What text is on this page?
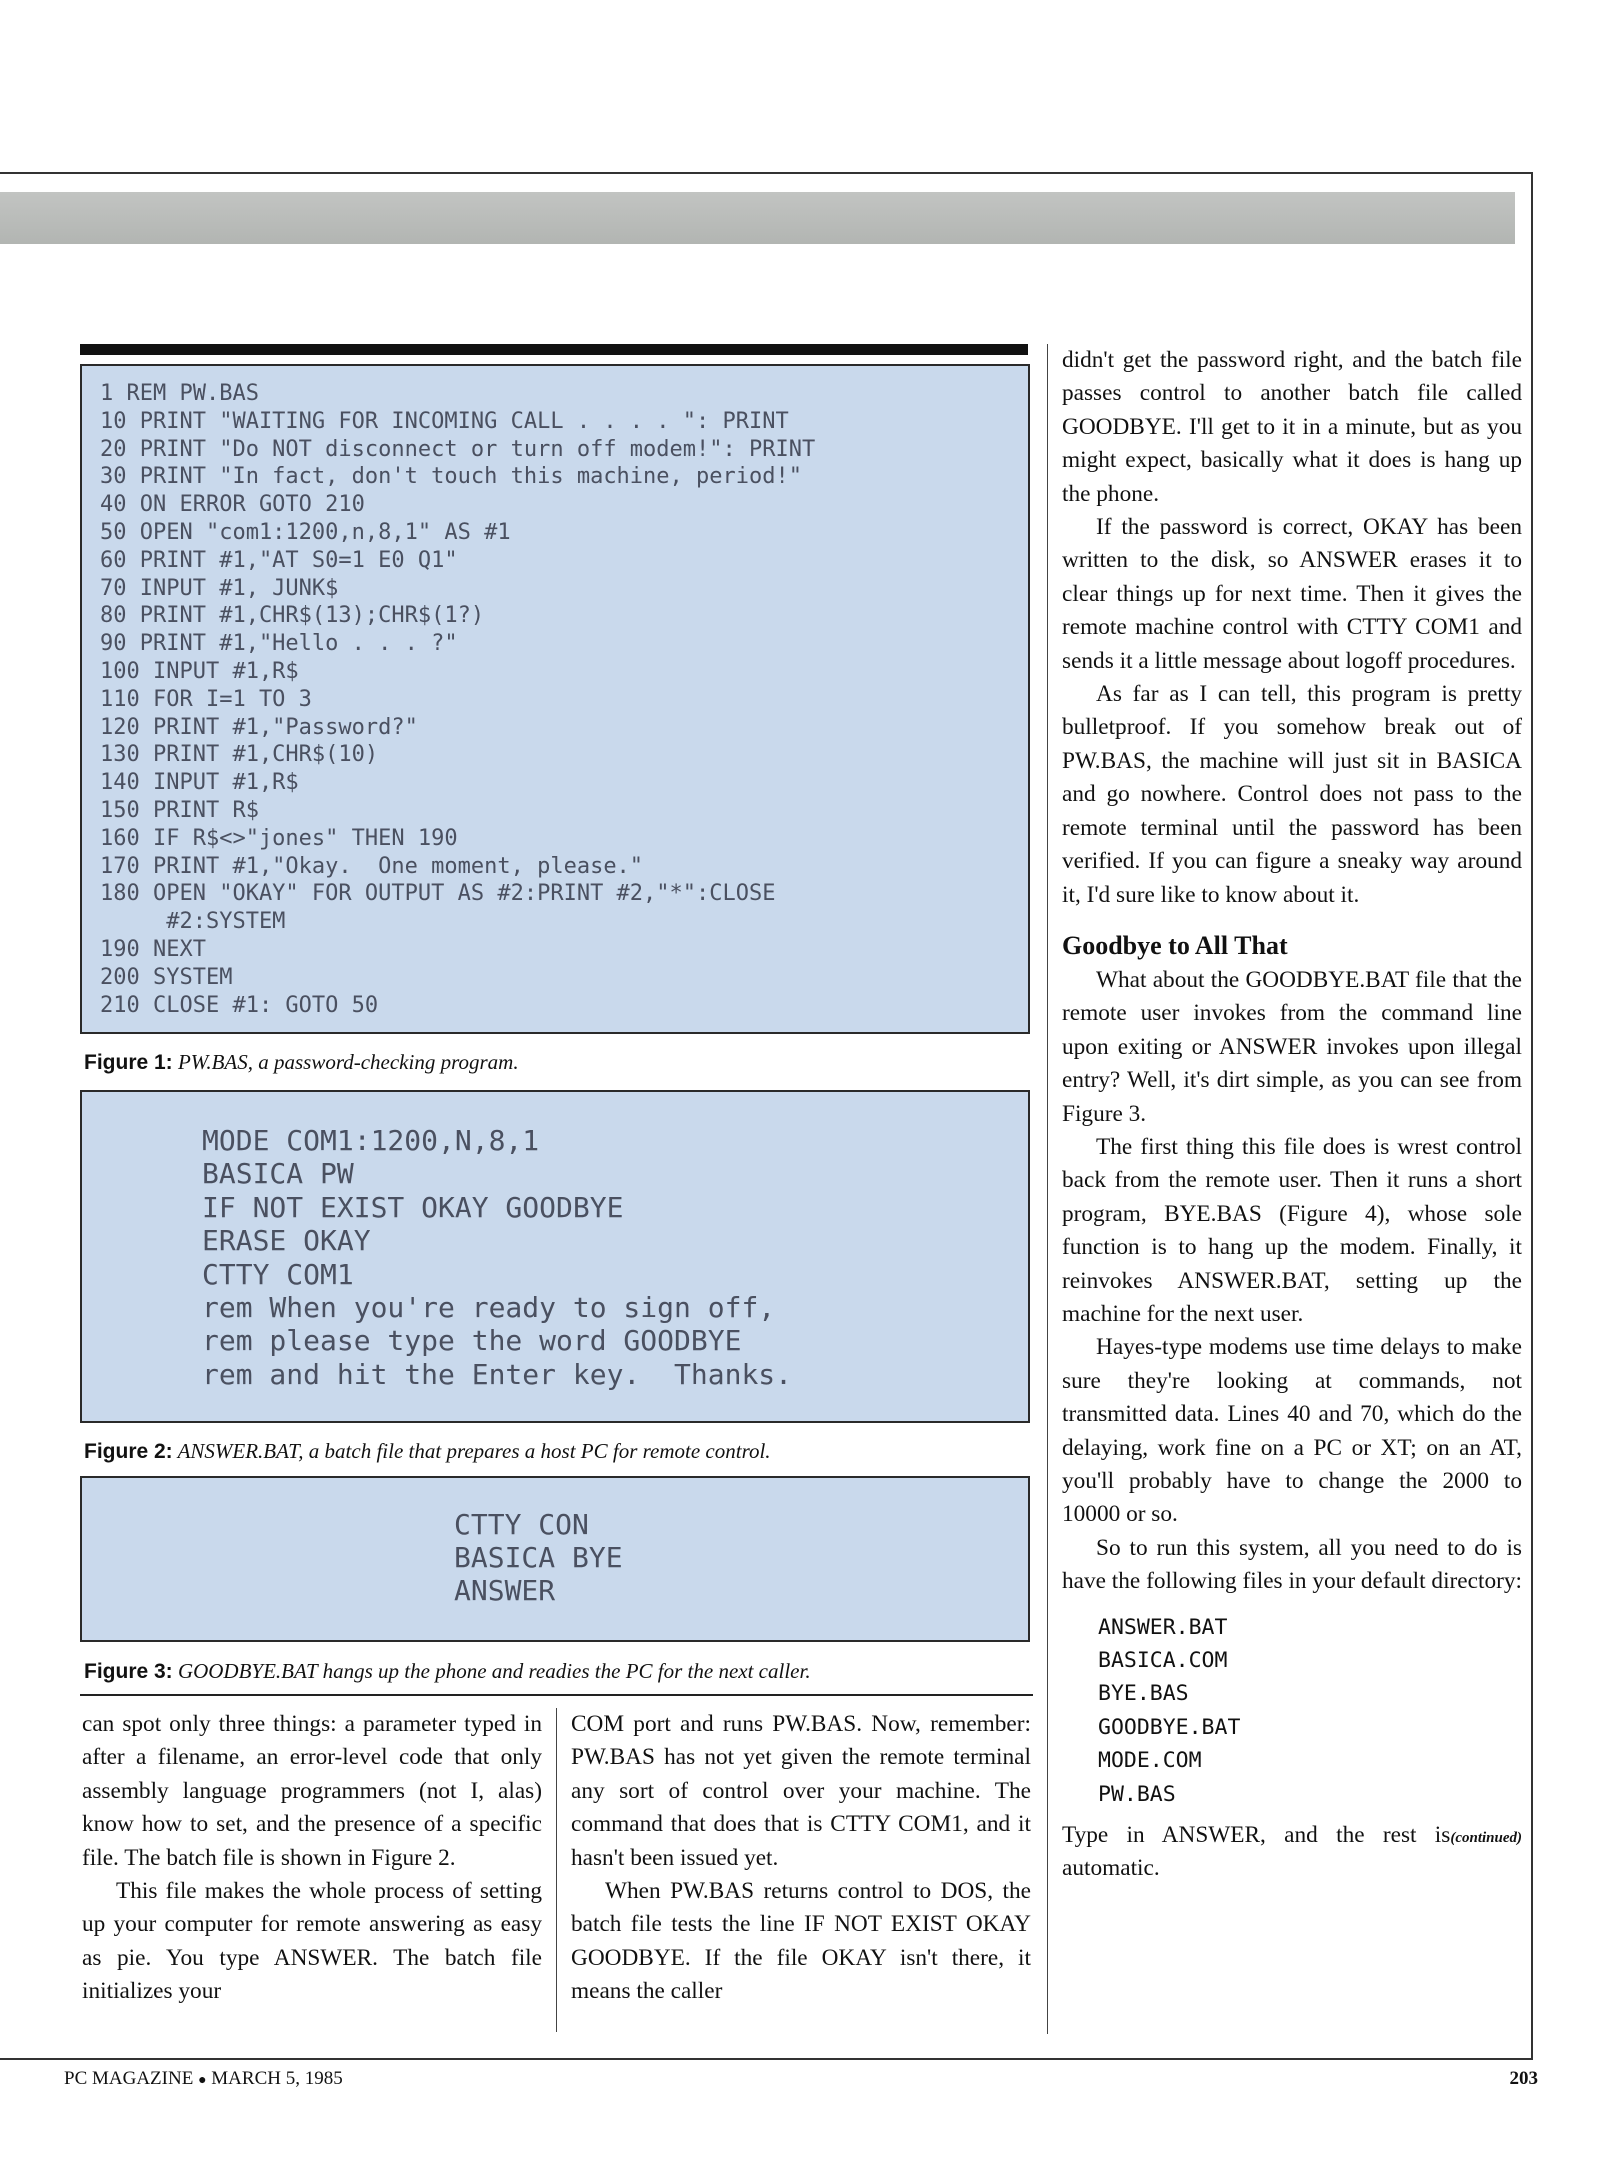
1 REM PW.BAS
10 PRINT "WAITING FOR INCOMING CALL . . . . ": PRINT
20 PRINT "Do NOT disconnect or turn off modem!": PRINT
30 PRINT "In fact, don't touch this machine, period!"
40 ON ERROR GOTO 210
50 OPEN "com1:1200,n,8,1" AS #1
60 PRINT #1,"AT S0=1 E0 Q1"
70 INPUT #1, JUNK$
80 PRINT #1,CHR$(13);CHR$(1?)
90 PRINT #1,"Hello . . . ?"
100 INPUT #1,R$
110 FOR I=1 TO 3
120 PRINT #1,"Password?"
130 PRINT #1,CHR$(10)
140 INPUT #1,R$
150 PRINT R$
160 IF R$<>"jones" THEN 190
170 PRINT #1,"Okay.  One moment, please."
180 OPEN "OKAY" FOR OUTPUT AS #2:PRINT #2,"*":CLOSE
#2:SYSTEM
190 NEXT
200 SYSTEM
210 CLOSE #1: GOTO 50
Figure 1: PW.BAS, a password-checking program.
MODE COM1:1200,N,8,1
BASICA PW
IF NOT EXIST OKAY GOODBYE
ERASE OKAY
CTTY COM1
rem When you're ready to sign off,
rem please type the word GOODBYE
rem and hit the Enter key.  Thanks.
Figure 2: ANSWER.BAT, a batch file that prepares a host PC for remote control.
CTTY CON
BASICA BYE
ANSWER
Figure 3: GOODBYE.BAT hangs up the phone and readies the PC for the next caller.

can spot only three things: a parameter typed in after a filename, an error-level code that only assembly language programmers (not I, alas) know how to set, and the presence of a specific file. The batch file is shown in Figure 2.

This file makes the whole process of setting up your computer for remote answering as easy as pie. You type ANSWER. The batch file initializes your

COM port and runs PW.BAS. Now, remember: PW.BAS has not yet given the remote terminal any sort of control over your machine. The command that does that is CTTY COM1, and it hasn't been issued yet.

When PW.BAS returns control to DOS, the batch file tests the line IF NOT EXIST OKAY GOODBYE. If the file OKAY isn't there, it means the caller

didn't get the password right, and the batch file passes control to another batch file called GOODBYE. I'll get to it in a minute, but as you might expect, basically what it does is hang up the phone.

If the password is correct, OKAY has been written to the disk, so ANSWER erases it to clear things up for next time. Then it gives the remote machine control with CTTY COM1 and sends it a little message about logoff procedures.

As far as I can tell, this program is pretty bulletproof. If you somehow break out of PW.BAS, the machine will just sit in BASICA and go nowhere. Control does not pass to the remote terminal until the password has been verified. If you can figure a sneaky way around it, I'd sure like to know about it.

Goodbye to All That

What about the GOODBYE.BAT file that the remote user invokes from the command line upon exiting or ANSWER invokes upon illegal entry? Well, it's dirt simple, as you can see from Figure 3.

The first thing this file does is wrest control back from the remote user. Then it runs a short program, BYE.BAS (Figure 4), whose sole function is to hang up the modem. Finally, it reinvokes ANSWER.BAT, setting up the machine for the next user.

Hayes-type modems use time delays to make sure they're looking at commands, not transmitted data. Lines 40 and 70, which do the delaying, work fine on a PC or XT; on an AT, you'll probably have to change the 2000 to 10000 or so.

So to run this system, all you need to do is have the following files in your default directory:

ANSWER.BAT
BASICA.COM
BYE.BAS
GOODBYE.BAT
MODE.COM
PW.BAS
Type in ANSWER, and the rest is automatic.
(continued)
PC MAGAZINE ● MARCH 5, 1985	203
